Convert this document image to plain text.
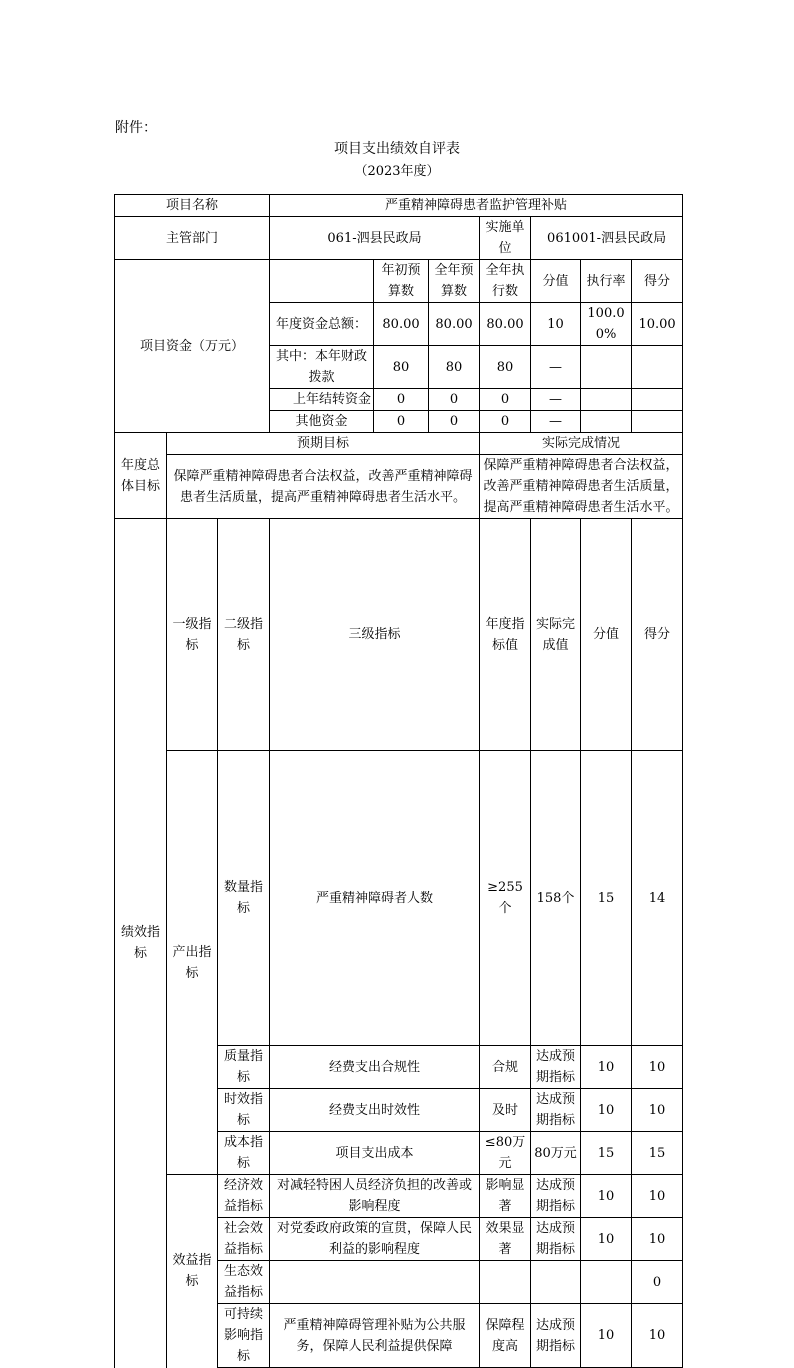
附件：
项目支出绩效自评表
（2023年度）
项目名称			严重精神障碍患者监护管理补贴							
主管部门			061-泗县民政局			实施单位	061001-泗县民政局			
项目资金（万元）				年初预算数	全年预算数	全年执行数	分值	执行率	得分	
			年度资金总额：	80.00	80.00	80.00	10	100.00%	10.00	
			其中：本年财政拨款	80	80	80	—			
			上年结转资金	0	0	0	—			
			其他资金	0	0	0	—			
年度总体目标	预期目标					实际完成情况				
	保障严重精神障碍患者合法权益，改善严重精神障碍患者生活质量，提高严重精神障碍患者生活水平。					保障严重精神障碍患者合法权益，改善严重精神障碍患者生活质量，提高严重精神障碍患者生活水平。				
绩效指标	一级指标	二级指标	三级指标			年度指标值	实际完成值	分值	得分	
	产出指标	数量指标	严重精神障碍者人数			≥255个	158个	15	14	
		质量指标	经费支出合规性			合规	达成预期指标	10	10	
		时效指标	经费支出时效性			及时	达成预期指标	10	10	
		成本指标	项目支出成本			≤80万元	80万元	15	15	
	效益指标	经济效益指标	对减轻特困人员经济负担的改善或影响程度			影响显著	达成预期指标	10	10	
		社会效益指标	对党委政府政策的宣贯，保障人民利益的影响程度			效果显著	达成预期指标	10	10	
		生态效益指标							0	
		可持续影响指标	严重精神障碍管理补贴为公共服务，保障人民利益提供保障			保障程度高	达成预期指标	10	10	
